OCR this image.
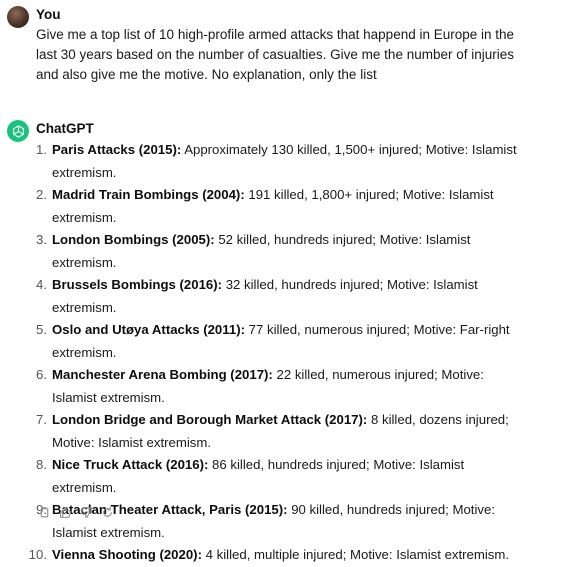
You
Give me a top list of 10 high-profile armed attacks that happend in Europe in the last 30 years based on the number of casualties. Give me the number of injuries and also give me the motive. No explanation, only the list
ChatGPT
1. Paris Attacks (2015): Approximately 130 killed, 1,500+ injured; Motive: Islamist extremism.
2. Madrid Train Bombings (2004): 191 killed, 1,800+ injured; Motive: Islamist extremism.
3. London Bombings (2005): 52 killed, hundreds injured; Motive: Islamist extremism.
4. Brussels Bombings (2016): 32 killed, hundreds injured; Motive: Islamist extremism.
5. Oslo and Utøya Attacks (2011): 77 killed, numerous injured; Motive: Far-right extremism.
6. Manchester Arena Bombing (2017): 22 killed, numerous injured; Motive: Islamist extremism.
7. London Bridge and Borough Market Attack (2017): 8 killed, dozens injured; Motive: Islamist extremism.
8. Nice Truck Attack (2016): 86 killed, hundreds injured; Motive: Islamist extremism.
9. Bataclan Theater Attack, Paris (2015): 90 killed, hundreds injured; Motive: Islamist extremism.
10. Vienna Shooting (2020): 4 killed, multiple injured; Motive: Islamist extremism.
